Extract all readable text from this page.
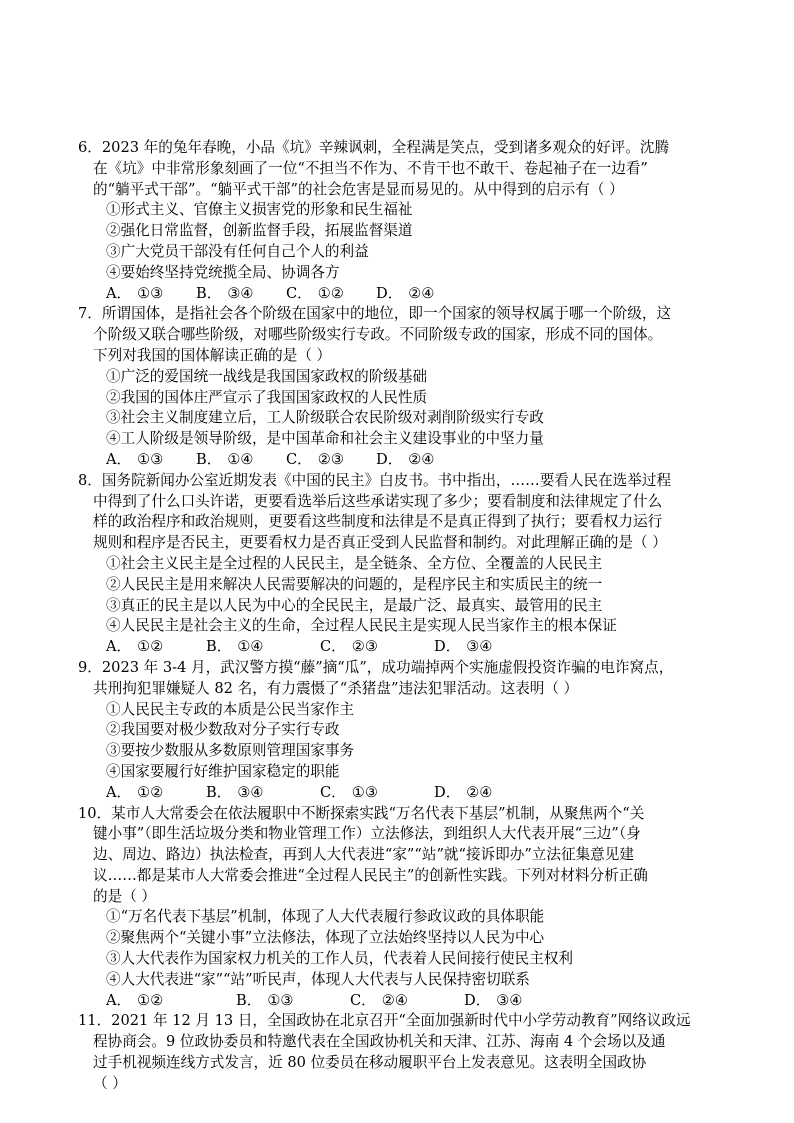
6．2023 年的兔年春晚，小品《坑》辛辣讽刺，全程满是笑点，受到诸多观众的好评。沈腾
在《坑》中非常形象刻画了一位“不担当不作为、不肯干也不敢干、卷起袖子在一边看”
的“躺平式干部”。“躺平式干部”的社会危害是显而易见的。从中得到的启示有（ ）
①形式主义、官僚主义损害党的形象和民生福祉
②强化日常监督，创新监督手段，拓展监督渠道
③广大党员干部没有任何自己个人的利益
④要始终坚持党统揽全局、协调各方
A． ①③	B． ③④	C． ①②	D． ②④
7．所谓国体，是指社会各个阶级在国家中的地位，即一个国家的领导权属于哪一个阶级，这
个阶级又联合哪些阶级，对哪些阶级实行专政。不同阶级专政的国家，形成不同的国体。
下列对我国的国体解读正确的是（ ）
①广泛的爱国统一战线是我国国家政权的阶级基础
②我国的国体庄严宣示了我国国家政权的人民性质
③社会主义制度建立后，工人阶级联合农民阶级对剥削阶级实行专政
④工人阶级是领导阶级，是中国革命和社会主义建设事业的中坚力量
A． ①③	B． ①④	C． ②③	D． ②④
8．国务院新闻办公室近期发表《中国的民主》白皮书。书中指出，……要看人民在选举过程
中得到了什么口头许诺，更要看选举后这些承诺实现了多少；要看制度和法律规定了什么
样的政治程序和政治规则，更要看这些制度和法律是不是真正得到了执行；要看权力运行
规则和程序是否民主，更要看权力是否真正受到人民监督和制约。对此理解正确的是（ ）
①社会主义民主是全过程的人民民主，是全链条、全方位、全覆盖的人民民主
②人民民主是用来解决人民需要解决的问题的，是程序民主和实质民主的统一
③真正的民主是以人民为中心的全民民主，是最广泛、最真实、最管用的民主
④人民民主是社会主义的生命，全过程人民民主是实现人民当家作主的根本保证
A． ①②	B． ①④	C． ②③	D． ③④
9．2023 年 3-4 月，武汉警方摸“藤”摘“瓜”，成功端掉两个实施虚假投资诈骗的电诈窝点，
共刑拘犯罪嫌疑人 82 名，有力震慑了“杀猪盘”违法犯罪活动。这表明（ ）
①人民民主专政的本质是公民当家作主
②我国要对极少数敌对分子实行专政
③要按少数服从多数原则管理国家事务
④国家要履行好维护国家稳定的职能
A． ①②	B． ③④	C． ①③	D． ②④
10．某市人大常委会在依法履职中不断探索实践“万名代表下基层”机制，从聚焦两个“关
键小事”（即生活垃圾分类和物业管理工作）立法修法，到组织人大代表开展“三边”（身
边、周边、路边）执法检查，再到人大代表进“家”“站”就“接诉即办”立法征集意见建
议……都是某市人大常委会推进“全过程人民民主”的创新性实践。下列对材料分析正确
的是（ ）
①“万名代表下基层”机制，体现了人大代表履行参政议政的具体职能
②聚焦两个“关键小事”立法修法，体现了立法始终坚持以人民为中心
③人大代表作为国家权力机关的工作人员，代表着人民间接行使民主权利
④人大代表进“家”“站”听民声，体现人大代表与人民保持密切联系
A． ①②	B． ①③	C． ②④	D． ③④
11．2021 年 12 月 13 日，全国政协在北京召开“全面加强新时代中小学劳动教育”网络议政远
程协商会。9 位政协委员和特邀代表在全国政协机关和天津、江苏、海南 4 个会场以及通
过手机视频连线方式发言，近 80 位委员在移动履职平台上发表意见。这表明全国政协
（ ）
